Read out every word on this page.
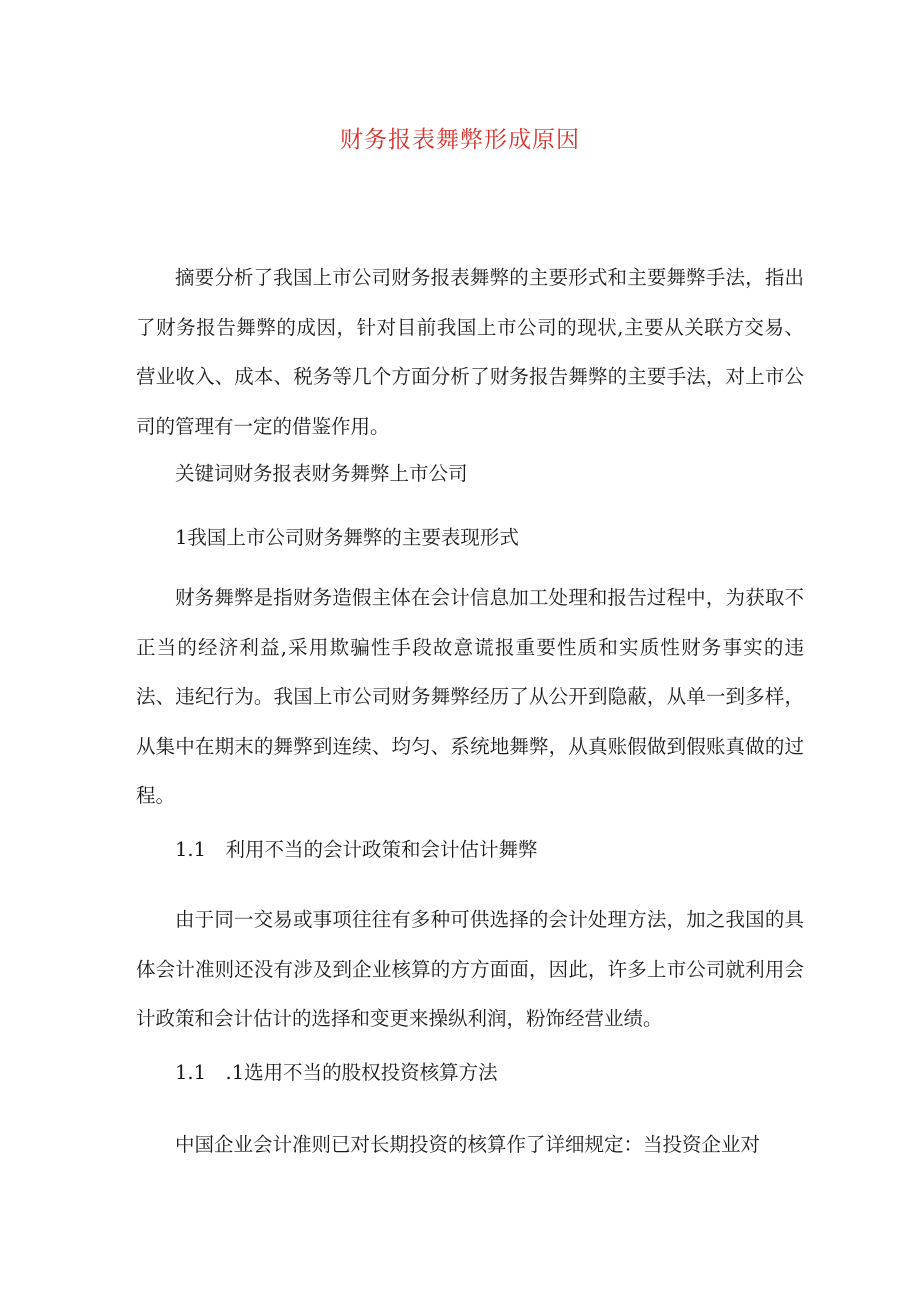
财务报表舞弊形成原因
摘要分析了我国上市公司财务报表舞弊的主要形式和主要舞弊手法，指出了财务报告舞弊的成因，针对目前我国上市公司的现状,主要从关联方交易、营业收入、成本、税务等几个方面分析了财务报告舞弊的主要手法，对上市公司的管理有一定的借鉴作用。
关键词财务报表财务舞弊上市公司
1我国上市公司财务舞弊的主要表现形式
财务舞弊是指财务造假主体在会计信息加工处理和报告过程中，为获取不正当的经济利益,采用欺骗性手段故意谎报重要性质和实质性财务事实的违法、违纪行为。我国上市公司财务舞弊经历了从公开到隐蔽，从单一到多样，从集中在期末的舞弊到连续、均匀、系统地舞弊，从真账假做到假账真做的过程。
1.1　利用不当的会计政策和会计估计舞弊
由于同一交易或事项往往有多种可供选择的会计处理方法，加之我国的具体会计准则还没有涉及到企业核算的方方面面，因此，许多上市公司就利用会计政策和会计估计的选择和变更来操纵利润，粉饰经营业绩。
1.1　.1选用不当的股权投资核算方法
中国企业会计准则已对长期投资的核算作了详细规定：当投资企业对
